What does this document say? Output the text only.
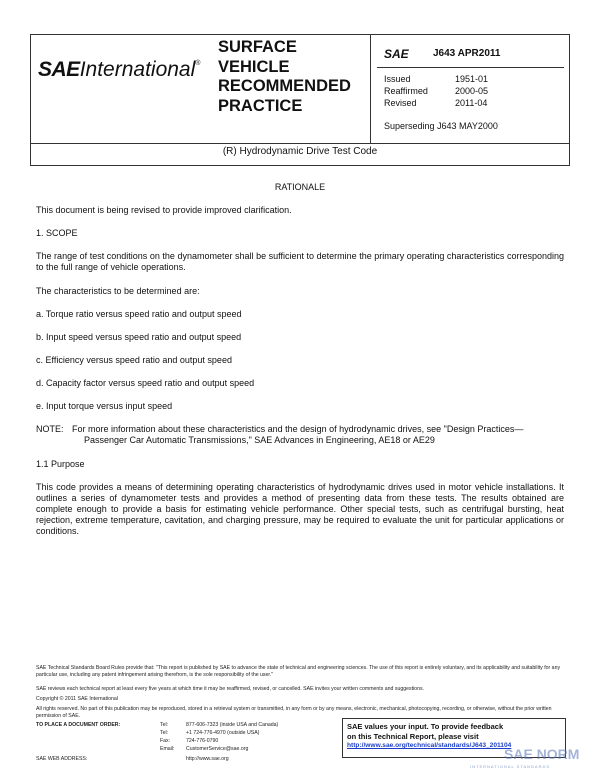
SAEInternational®
SURFACE
VEHICLE
RECOMMENDED
PRACTICE
SAE J643 APR2011
Issued	1951-01
Reaffirmed	2000-05
Revised	2011-04
Superseding J643 MAY2000
(R) Hydrodynamic Drive Test Code
RATIONALE
This document is being revised to provide improved clarification.
1. SCOPE
The range of test conditions on the dynamometer shall be sufficient to determine the primary operating characteristics corresponding to the full range of vehicle operations.
The characteristics to be determined are:
a. Torque ratio versus speed ratio and output speed
b. Input speed versus speed ratio and output speed
c. Efficiency versus speed ratio and output speed
d. Capacity factor versus speed ratio and output speed
e. Input torque versus input speed
NOTE: For more information about these characteristics and the design of hydrodynamic drives, see "Design Practices—
Passenger Car Automatic Transmissions," SAE Advances in Engineering, AE18 or AE29
1.1 Purpose
This code provides a means of determining operating characteristics of hydrodynamic drives used in motor vehicle installations. It outlines a series of dynamometer tests and provides a method of presenting data from these tests. The results obtained are complete enough to provide a basis for estimating vehicle performance. Other special tests, such as centrifugal bursting, heat rejection, extreme temperature, cavitation, and charging pressure, may be required to evaluate the unit for particular applications or conditions.
SAE Technical Standards Board Rules provide that: "This report is published by SAE to advance the state of technical and engineering sciences. The use of this report is entirely voluntary, and its applicability and suitability for any particular use, including any patent infringement arising therefrom, is the sole responsibility of the user."
SAE reviews each technical report at least every five years at which time it may be reaffirmed, revised, or cancelled. SAE invites your written comments and suggestions.
Copyright © 2011 SAE International
All rights reserved. No part of this publication may be reproduced, stored in a retrieval system or transmitted, in any form or by any means, electronic, mechanical, photocopying, recording, or otherwise, without the prior written permission of SAE.
TO PLACE A DOCUMENT ORDER:
SAE WEB ADDRESS:
Tel:	877-606-7323 (inside USA and Canada)
Tel:	+1 724-776-4970 (outside USA)
Fax:	724-776-0790
Email:	CustomerService@sae.org
http://www.sae.org
SAE values your input. To provide feedback
on this Technical Report, please visit
http://www.sae.org/technical/standards/J643_201104
SAE NORM
INTERNATIONAL STANDARDS
